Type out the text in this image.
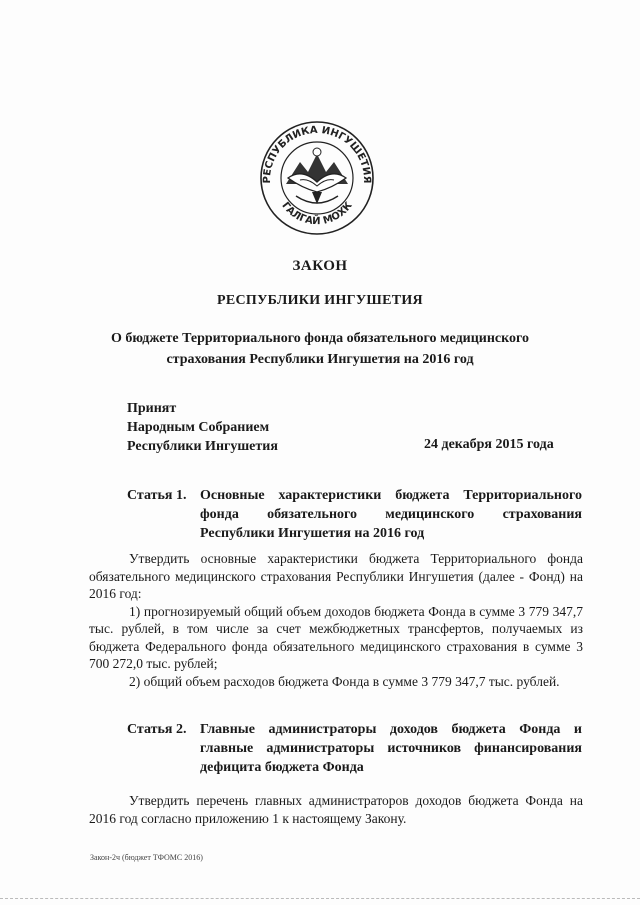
РЕСПУБЛИКА ИНГУШЕТИЯ
ГАЛГАЙ МОХК
ЗАКОН
РЕСПУБЛИКИ ИНГУШЕТИЯ
О бюджете Территориального фонда обязательного медицинского
страхования Республики Ингушетия на 2016 год
Принят
Народным Собранием
Республики Ингушетия	24 декабря 2015 года
Статья 1. Основные характеристики бюджета Территориального фонда обязательного медицинского страхования Республики Ингушетия на 2016 год

Утвердить основные характеристики бюджета Территориального фонда обязательного медицинского страхования Республики Ингушетия (далее - Фонд) на 2016 год:

1) прогнозируемый общий объем доходов бюджета Фонда в сумме 3 779 347,7 тыс. рублей, в том числе за счет межбюджетных трансфертов, получаемых из бюджета Федерального фонда обязательного медицинского страхования в сумме 3 700 272,0 тыс. рублей;

2) общий объем расходов бюджета Фонда в сумме 3 779 347,7 тыс. рублей.

Статья 2. Главные администраторы доходов бюджета Фонда и главные администраторы источников финансирования дефицита бюджета Фонда

Утвердить перечень главных администраторов доходов бюджета Фонда на 2016 год согласно приложению 1 к настоящему Закону.

Закон-2ч (бюджет ТФОМС 2016)
